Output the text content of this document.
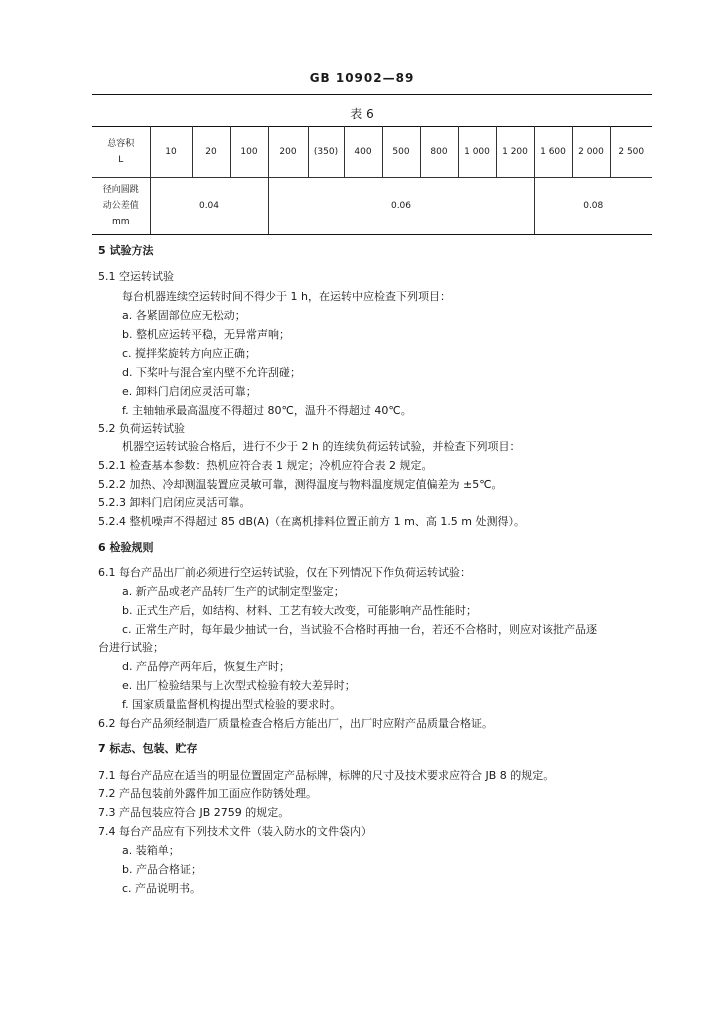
GB 10902—89
表 6
总容积
L	10	20	100	200	(350)	400	500	800	1 000	1 200	1 600	2 000	2 500

径向圆跳
动公差值
mm	0.04			0.06							0.08		
5 试验方法
5.1 空运转试验
每台机器连续空运转时间不得少于 1 h，在运转中应检查下列项目：
a. 各紧固部位应无松动；
b. 整机应运转平稳，无异常声响；
c. 搅拌桨旋转方向应正确；
d. 下桨叶与混合室内壁不允许刮碰；
e. 卸料门启闭应灵活可靠；
f. 主轴轴承最高温度不得超过 80℃，温升不得超过 40℃。
5.2 负荷运转试验
机器空运转试验合格后，进行不少于 2 h 的连续负荷运转试验，并检查下列项目：
5.2.1 检查基本参数：热机应符合表 1 规定；冷机应符合表 2 规定。
5.2.2 加热、冷却测温装置应灵敏可靠，测得温度与物料温度规定值偏差为 ±5℃。
5.2.3 卸料门启闭应灵活可靠。
5.2.4 整机噪声不得超过 85 dB(A)（在离机排料位置正前方 1 m、高 1.5 m 处测得）。
6 检验规则
6.1 每台产品出厂前必须进行空运转试验，仅在下列情况下作负荷运转试验：
a. 新产品或老产品转厂生产的试制定型鉴定；
b. 正式生产后，如结构、材料、工艺有较大改变，可能影响产品性能时；
c. 正常生产时，每年最少抽试一台，当试验不合格时再抽一台，若还不合格时，则应对该批产品逐
台进行试验；
d. 产品停产两年后，恢复生产时；
e. 出厂检验结果与上次型式检验有较大差异时；
f. 国家质量监督机构提出型式检验的要求时。
6.2 每台产品须经制造厂质量检查合格后方能出厂，出厂时应附产品质量合格证。
7 标志、包装、贮存
7.1 每台产品应在适当的明显位置固定产品标牌，标牌的尺寸及技术要求应符合 JB 8 的规定。
7.2 产品包装前外露件加工面应作防锈处理。
7.3 产品包装应符合 JB 2759 的规定。
7.4 每台产品应有下列技术文件（装入防水的文件袋内）
a. 装箱单；
b. 产品合格证；
c. 产品说明书。
